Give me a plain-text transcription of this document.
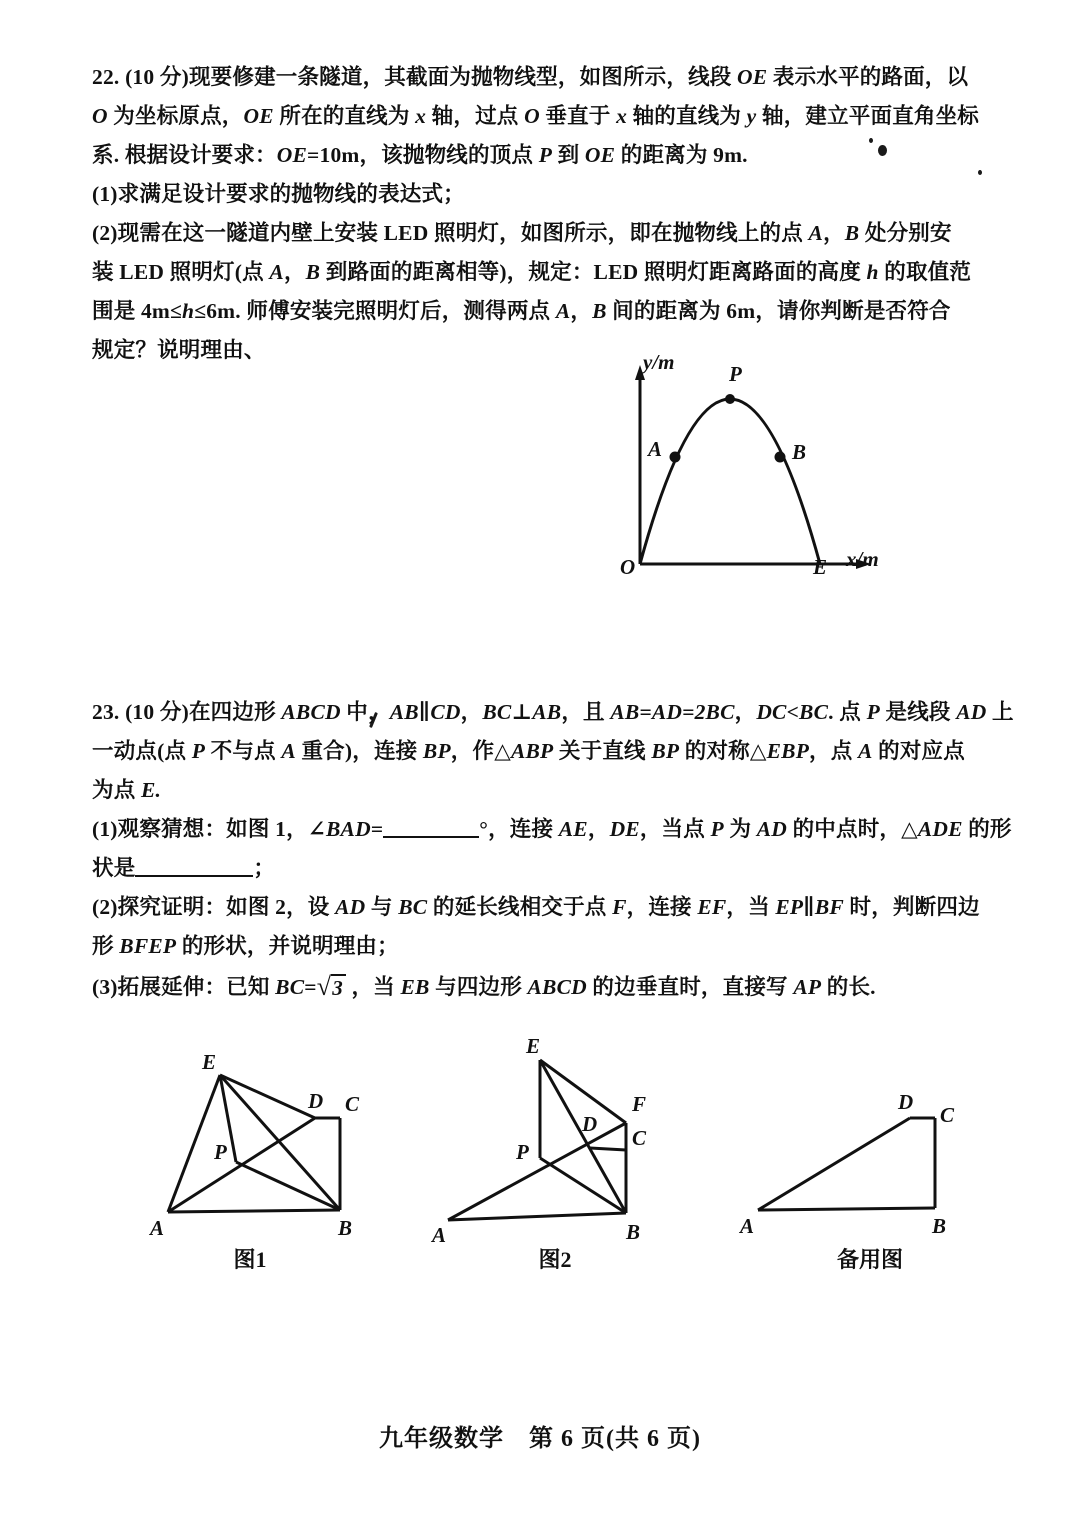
22. (10 分)现要修建一条隧道，其截面为抛物线型，如图所示，线段 OE 表示水平的路面，以
O 为坐标原点，OE 所在的直线为 x 轴，过点 O 垂直于 x 轴的直线为 y 轴，建立平面直角坐标
系. 根据设计要求：OE=10m，该抛物线的顶点 P 到 OE 的距离为 9m.
(1)求满足设计要求的抛物线的表达式；
(2)现需在这一隧道内壁上安装 LED 照明灯，如图所示，即在抛物线上的点 A，B 处分别安
装 LED 照明灯(点 A，B 到路面的距离相等)，规定：LED 照明灯距离路面的高度 h 的取值范
围是 4m≤h≤6m. 师傅安装完照明灯后，测得两点 A，B 间的距离为 6m，请你判断是否符合
规定？说明理由、	y/m
x/m
O	E
P
A	B
23. (10 分)在四边形 ABCD 中，AB∥CD，BC⊥AB，且 AB=AD=2BC，DC<BC. 点 P 是线段 AD 上
一动点(点 P 不与点 A 重合)，连接 BP，作△ABP 关于直线 BP 的对称△EBP，点 A 的对应点
为点 E.
(1)观察猜想：如图 1，∠BAD=	°，连接 AE，DE，当点 P 为 AD 的中点时，△ADE 的形
状是	；
(2)探究证明：如图 2，设 AD 与 BC 的延长线相交于点 F，连接 EF，当 EP∥BF 时，判断四边
形 BFEP 的形状，并说明理由；
(3)拓展延伸：已知 BC=√3 ，当 EB 与四边形 ABCD 的边垂直时，直接写 AP 的长.
E
D C
P
A	B
图1
E
F
D
C
P
A	B
图2
D
C
A	B
备用图
九年级数学　第 6 页(共 6 页)
